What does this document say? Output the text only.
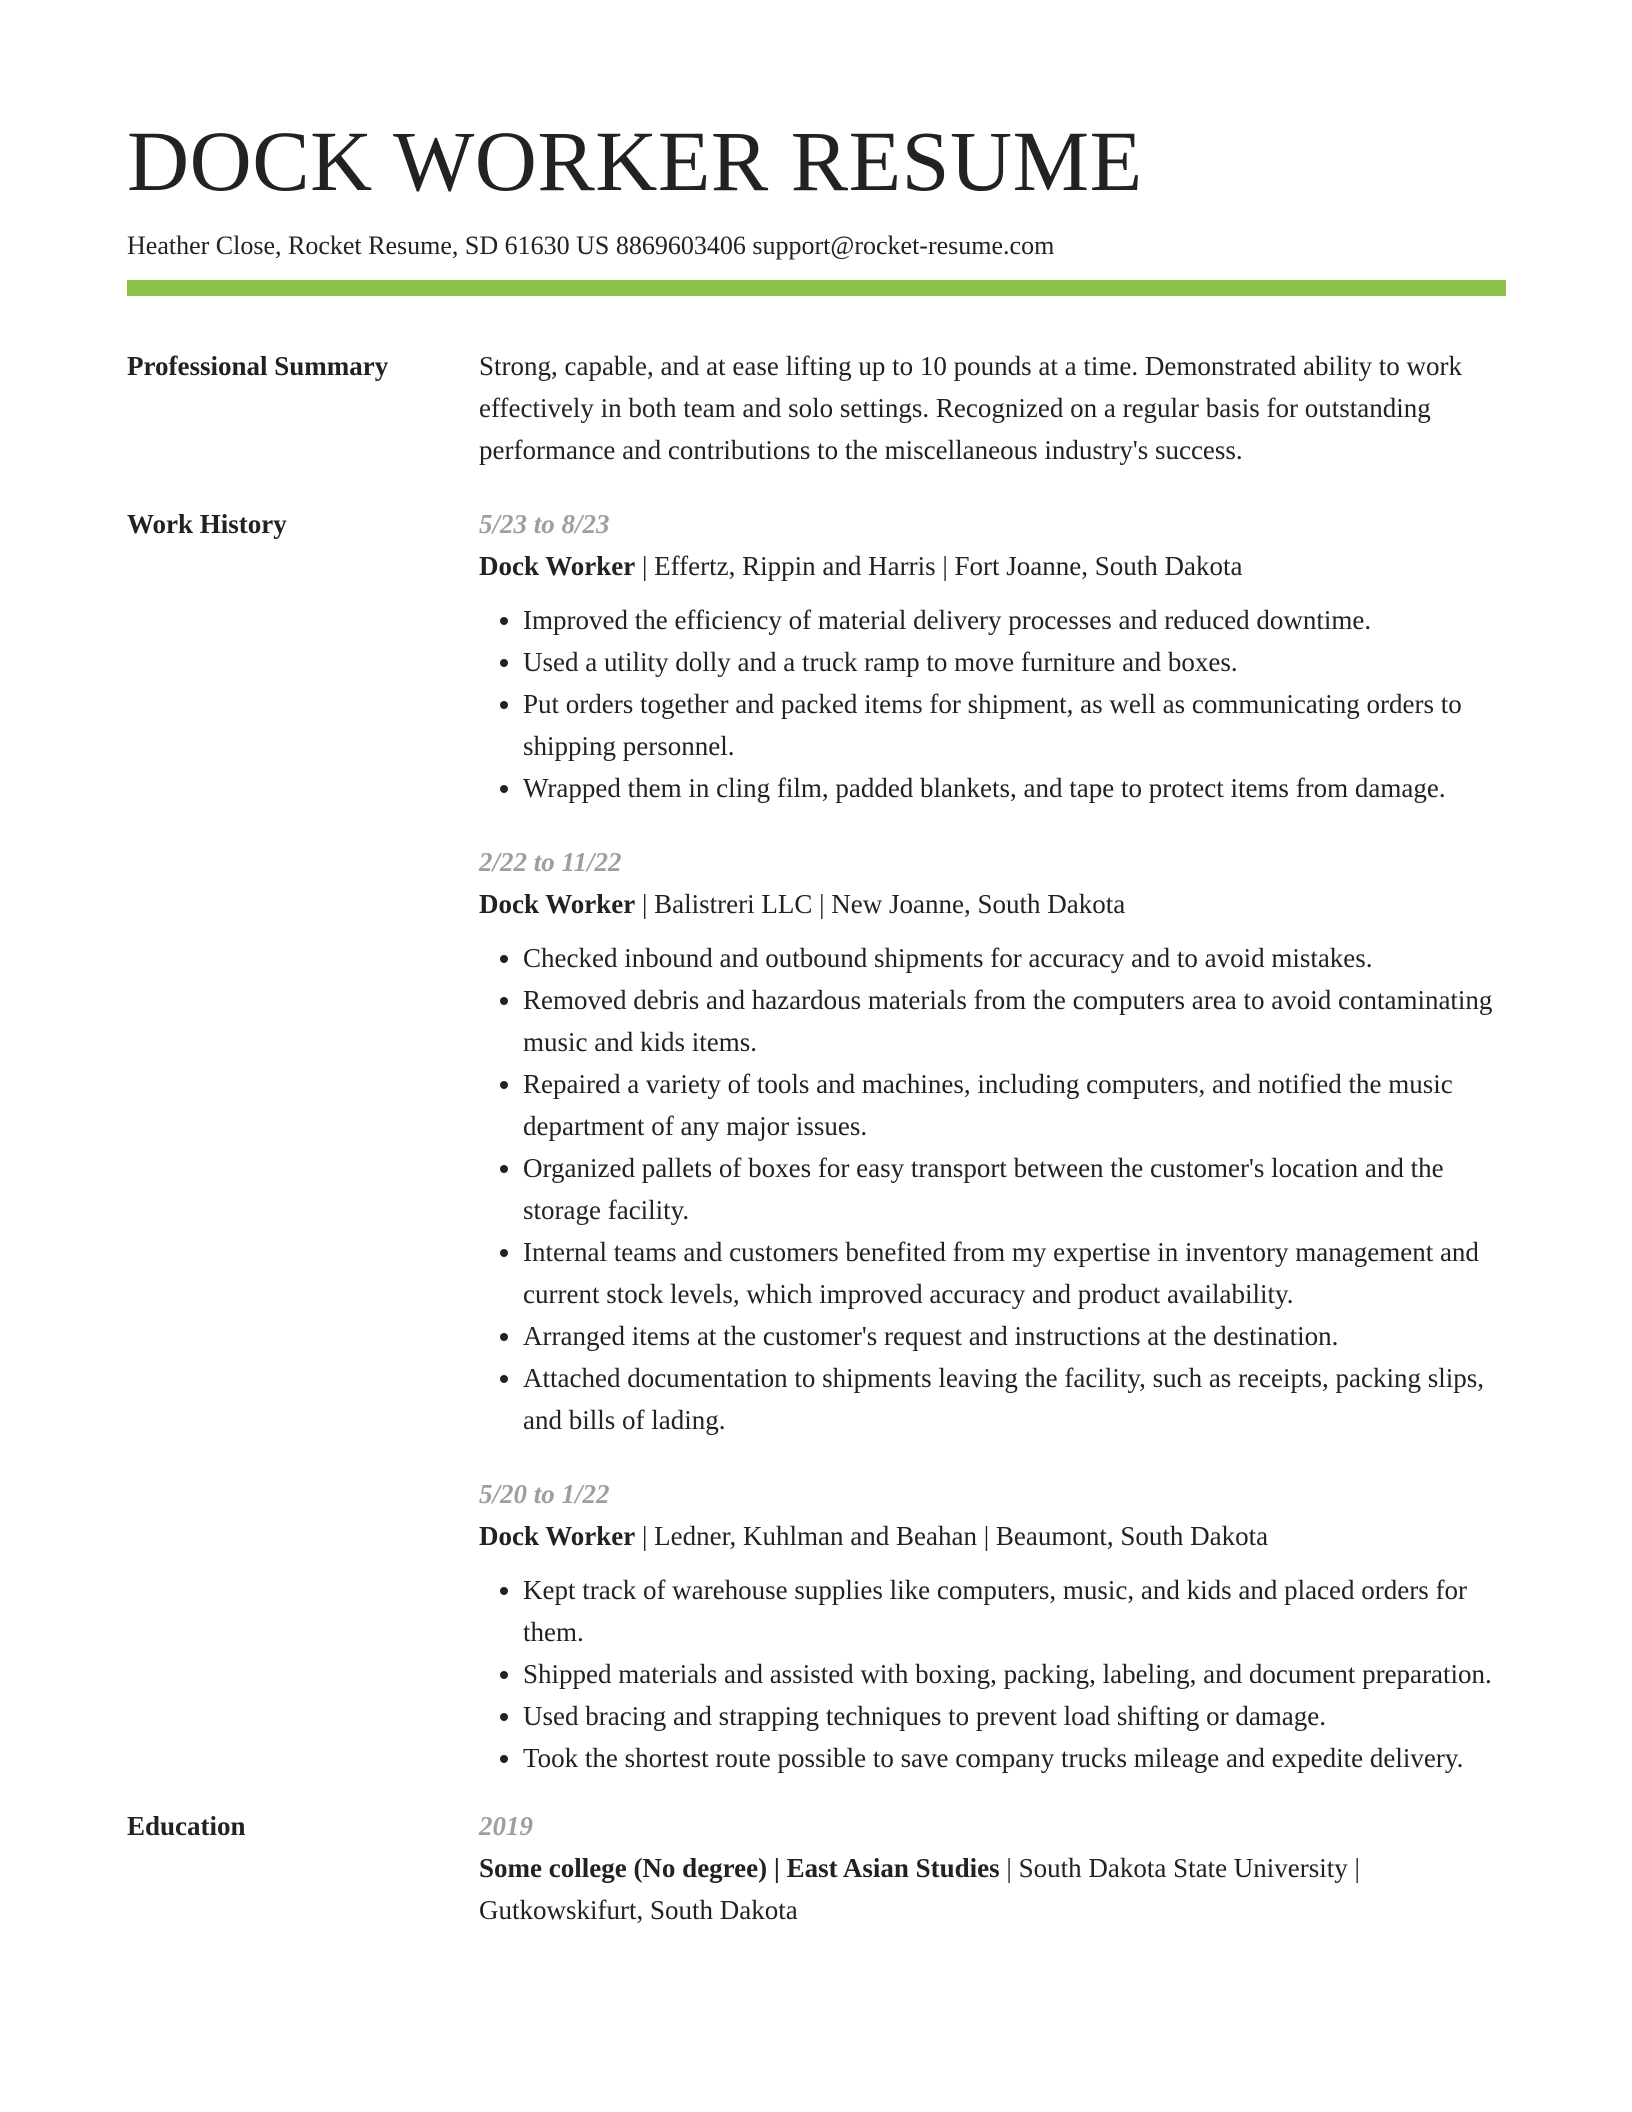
DOCK WORKER RESUME
Heather Close, Rocket Resume, SD 61630 US 8869603406 support@rocket-resume.com
Professional Summary	Strong, capable, and at ease lifting up to 10 pounds at a time. Demonstrated ability to work effectively in both team and solo settings. Recognized on a regular basis for outstanding performance and contributions to the miscellaneous industry's success.
Work History	5/23 to 8/23
Dock Worker | Effertz, Rippin and Harris | Fort Joanne, South Dakota
• Improved the efficiency of material delivery processes and reduced downtime.
• Used a utility dolly and a truck ramp to move furniture and boxes.
• Put orders together and packed items for shipment, as well as communicating orders to shipping personnel.
• Wrapped them in cling film, padded blankets, and tape to protect items from damage.
2/22 to 11/22
Dock Worker | Balistreri LLC | New Joanne, South Dakota
• Checked inbound and outbound shipments for accuracy and to avoid mistakes.
• Removed debris and hazardous materials from the computers area to avoid contaminating music and kids items.
• Repaired a variety of tools and machines, including computers, and notified the music department of any major issues.
• Organized pallets of boxes for easy transport between the customer's location and the storage facility.
• Internal teams and customers benefited from my expertise in inventory management and current stock levels, which improved accuracy and product availability.
• Arranged items at the customer's request and instructions at the destination.
• Attached documentation to shipments leaving the facility, such as receipts, packing slips, and bills of lading.
5/20 to 1/22
Dock Worker | Ledner, Kuhlman and Beahan | Beaumont, South Dakota
• Kept track of warehouse supplies like computers, music, and kids and placed orders for them.
• Shipped materials and assisted with boxing, packing, labeling, and document preparation.
• Used bracing and strapping techniques to prevent load shifting or damage.
• Took the shortest route possible to save company trucks mileage and expedite delivery.
Education	2019
Some college (No degree) | East Asian Studies | South Dakota State University | Gutkowskifurt, South Dakota
